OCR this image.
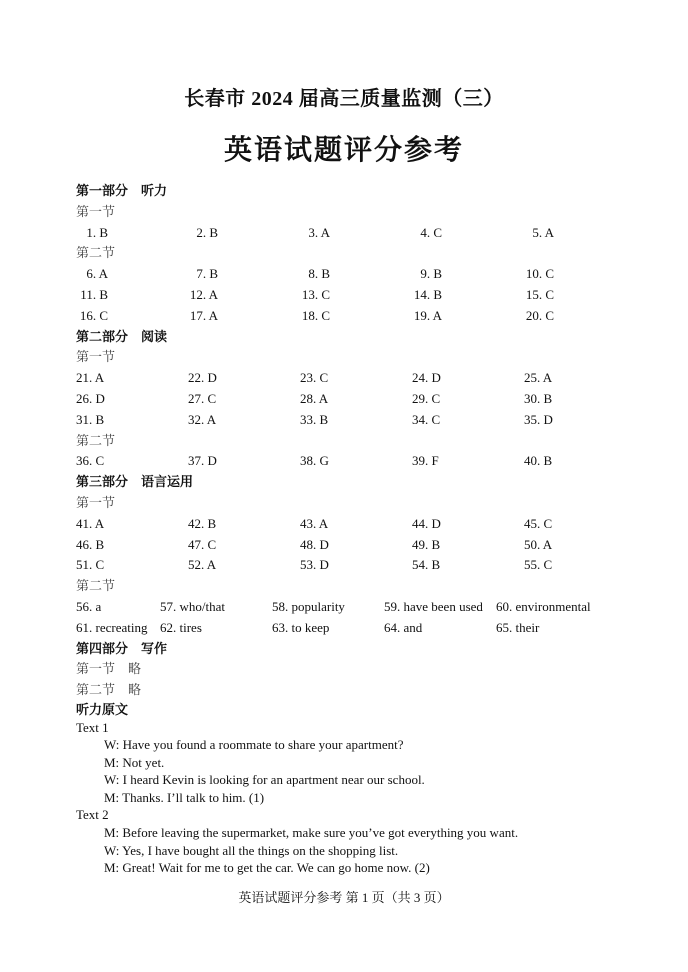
长春市 2024 届高三质量监测（三）
英语试题评分参考
第一部分　听力
第一节
1. B	2. B	3. A	4. C	5. A
第二节
6. A	7. B	8. B	9. B	10. C
11. B	12. A	13. C	14. B	15. C
16. C	17. A	18. C	19. A	20. C
第二部分　阅读
第一节
21. A	22. D	23. C	24. D	25. A
26. D	27. C	28. A	29. C	30. B
31. B	32. A	33. B	34. C	35. D
第二节
36. C	37. D	38. G	39. F	40. B
第三部分　语言运用
第一节
41. A	42. B	43. A	44. D	45. C
46. B	47. C	48. D	49. B	50. A
51. C	52. A	53. D	54. B	55. C
第二节
56. a	57. who/that	58. popularity	59. have been used 60. environmental
61. recreating 62. tires	63. to keep	64. and	65. their
第四部分　写作
第一节　略
第二节　略
听力原文
Text 1
W: Have you found a roommate to share your apartment?
M: Not yet.
W: I heard Kevin is looking for an apartment near our school.
M: Thanks. I’ll talk to him. (1)
Text 2
M: Before leaving the supermarket, make sure you’ve got everything you want.
W: Yes, I have bought all the things on the shopping list.
M: Great! Wait for me to get the car. We can go home now. (2)
英语试题评分参考 第 1 页（共 3 页）
